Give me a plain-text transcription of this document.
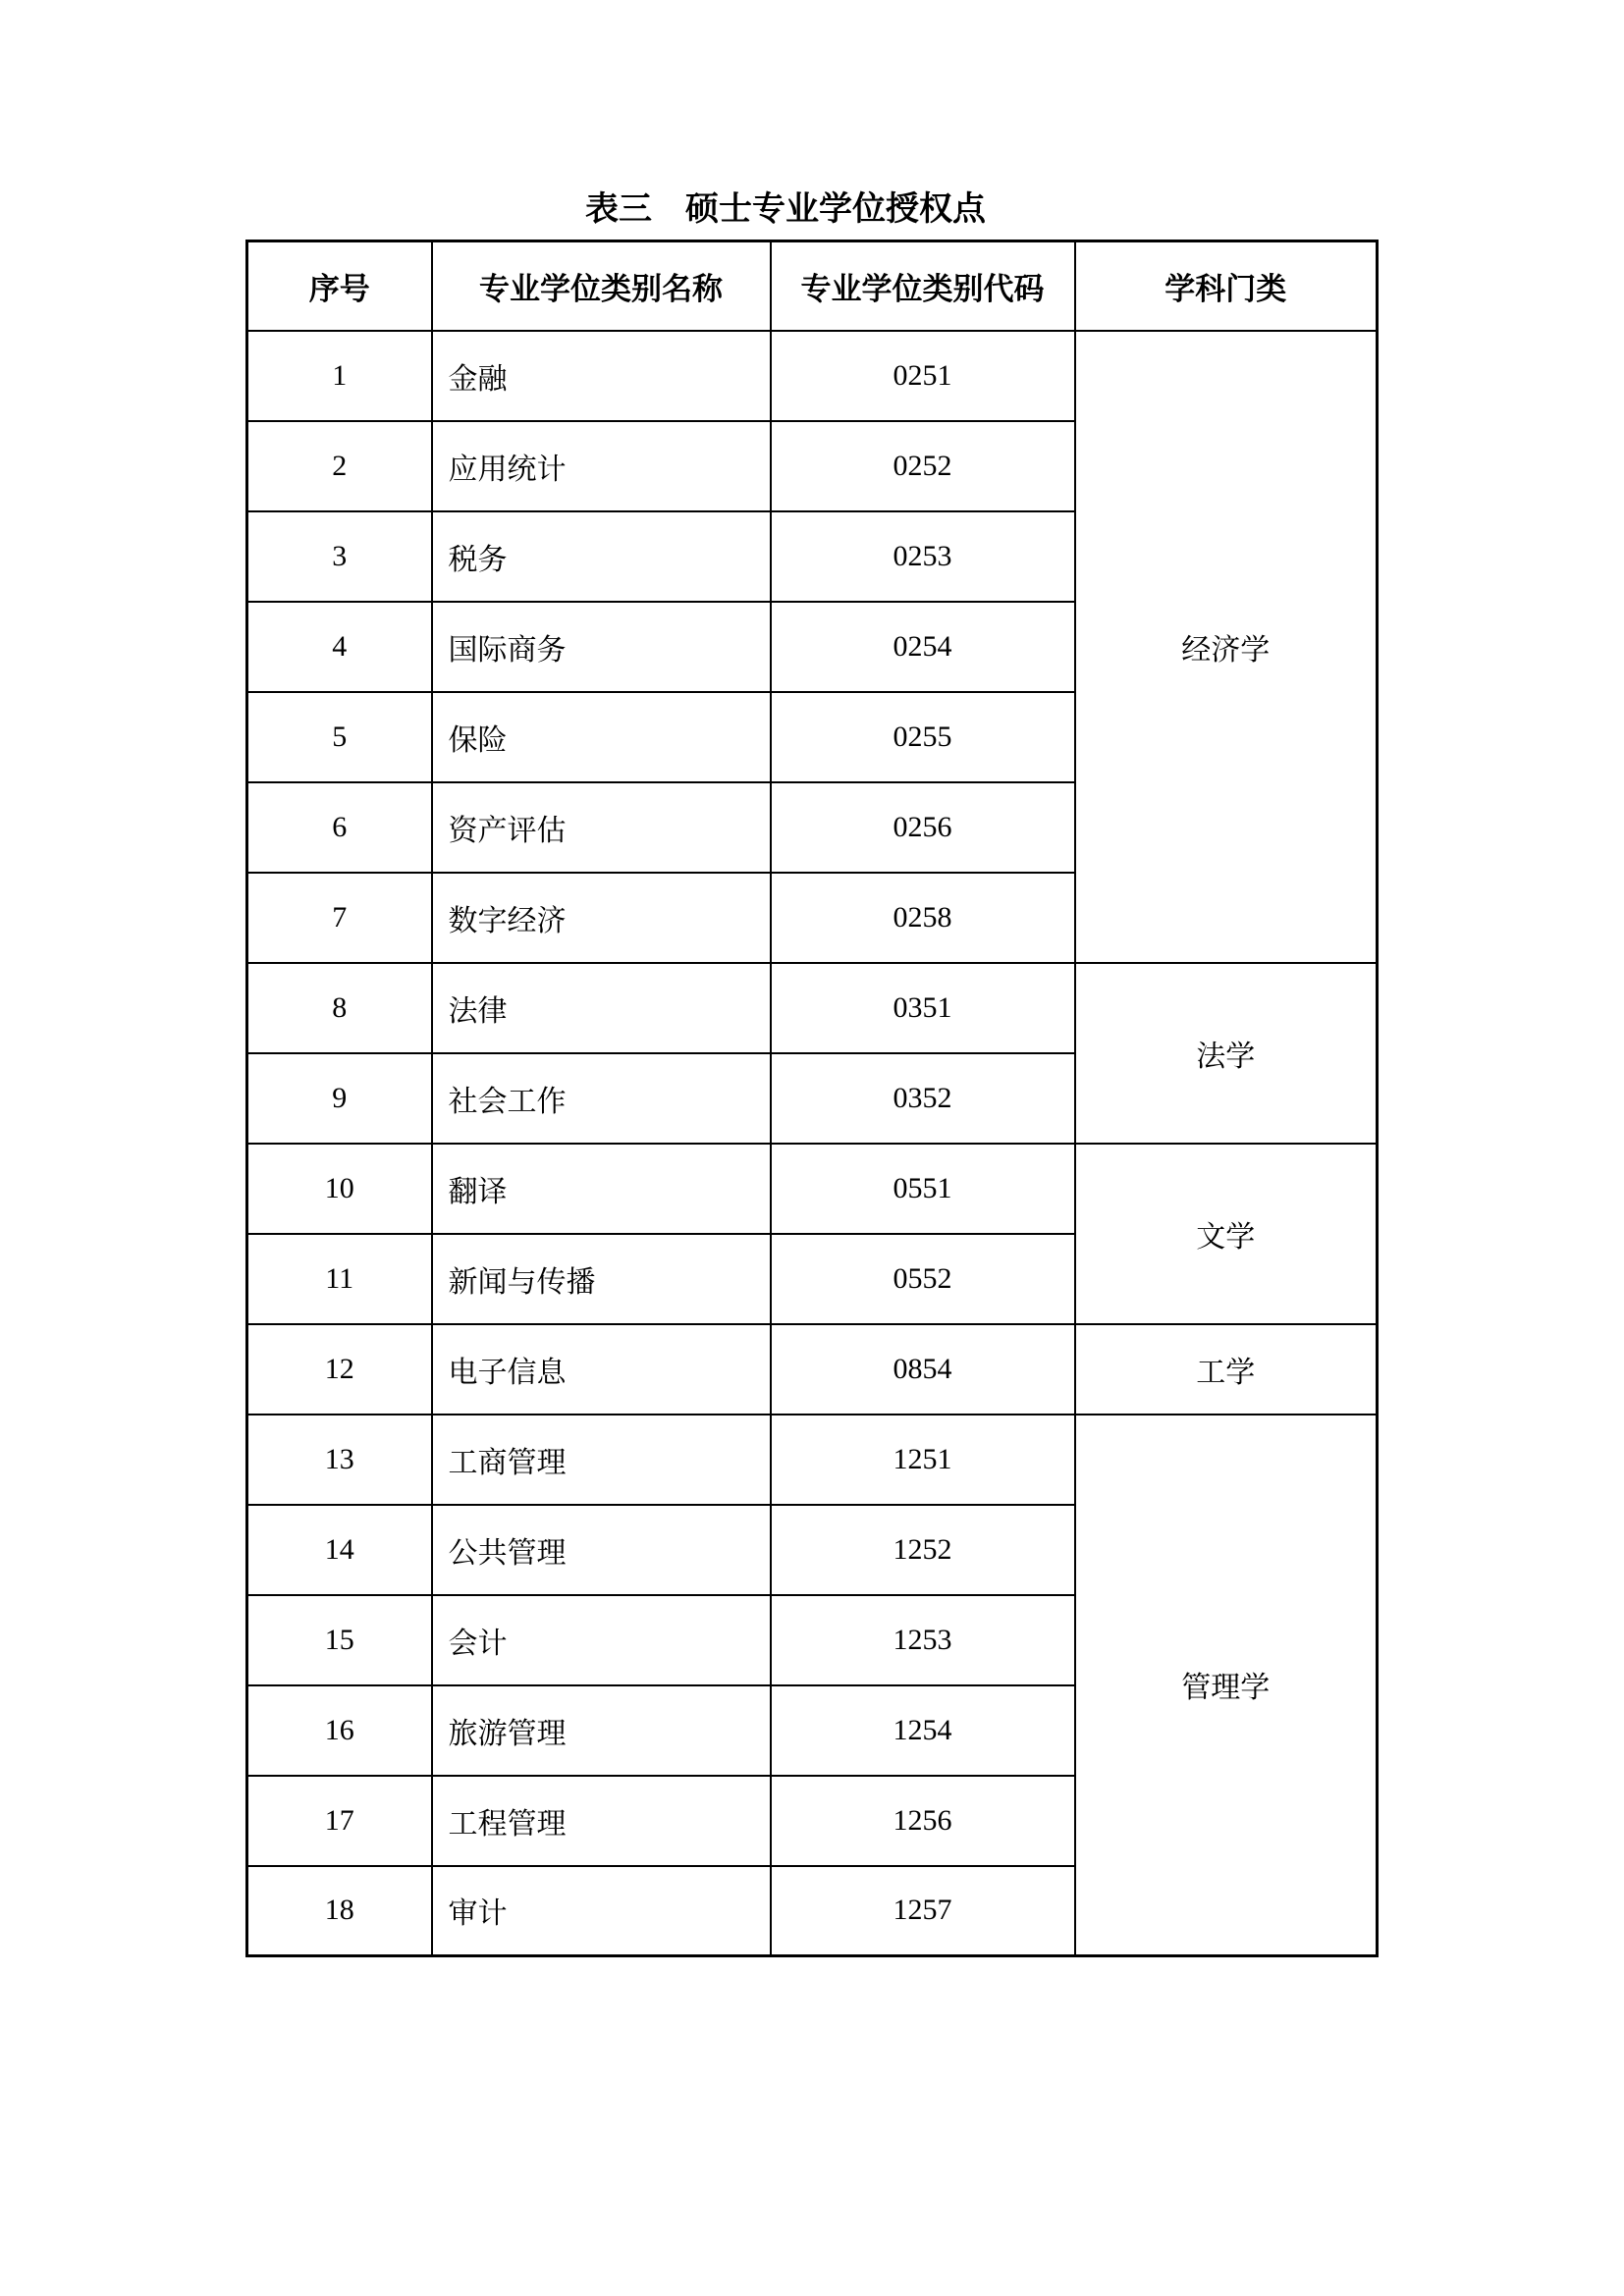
表三 硕士专业学位授权点
序号	专业学位类别名称	专业学位类别代码	学科门类
1	金融	0251	经济学
2	应用统计	0252	
3	税务	0253	
4	国际商务	0254	
5	保险	0255	
6	资产评估	0256	
7	数字经济	0258	
8	法律	0351	法学
9	社会工作	0352	
10	翻译	0551	文学
11	新闻与传播	0552	
12	电子信息	0854	工学
13	工商管理	1251	管理学
14	公共管理	1252	
15	会计	1253	
16	旅游管理	1254	
17	工程管理	1256	
18	审计	1257	
